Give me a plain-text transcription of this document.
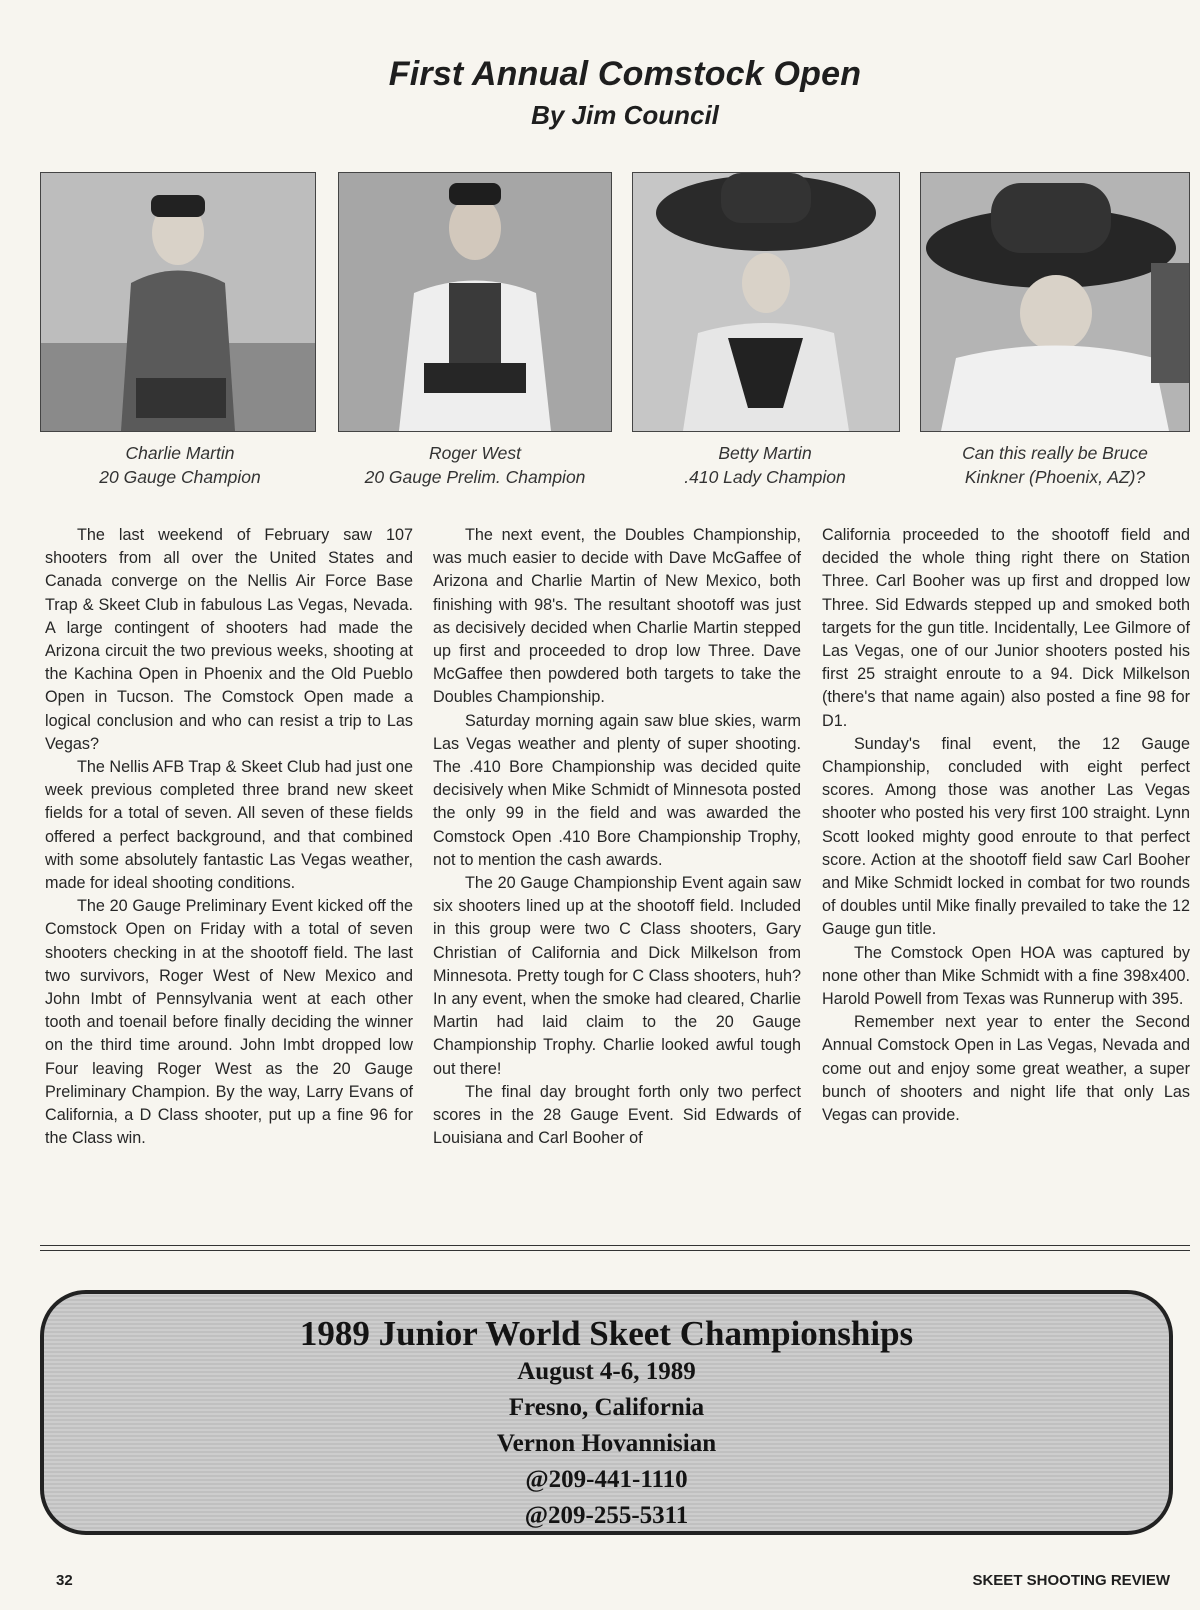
First Annual Comstock Open
By Jim Council
Charlie Martin
20 Gauge Champion
Roger West
20 Gauge Prelim. Champion
Betty Martin
.410 Lady Champion
Can this really be Bruce
Kinkner (Phoenix, AZ)?

The last weekend of February saw 107 shooters from all over the United States and Canada converge on the Nellis Air Force Base Trap & Skeet Club in fabulous Las Vegas, Nevada. A large contingent of shooters had made the Arizona circuit the two previous weeks, shooting at the Kachina Open in Phoenix and the Old Pueblo Open in Tucson. The Comstock Open made a logical conclusion and who can resist a trip to Las Vegas?

The Nellis AFB Trap & Skeet Club had just one week previous completed three brand new skeet fields for a total of seven. All seven of these fields offered a perfect background, and that combined with some absolutely fantastic Las Vegas weather, made for ideal shooting conditions.

The 20 Gauge Preliminary Event kicked off the Comstock Open on Friday with a total of seven shooters checking in at the shootoff field. The last two survivors, Roger West of New Mexico and John Imbt of Pennsylvania went at each other tooth and toenail before finally deciding the winner on the third time around. John Imbt dropped low Four leaving Roger West as the 20 Gauge Preliminary Champion. By the way, Larry Evans of California, a D Class shooter, put up a fine 96 for the Class win.

The next event, the Doubles Championship, was much easier to decide with Dave McGaffee of Arizona and Charlie Martin of New Mexico, both finishing with 98's. The resultant shootoff was just as decisively decided when Charlie Martin stepped up first and proceeded to drop low Three. Dave McGaffee then powdered both targets to take the Doubles Championship.

Saturday morning again saw blue skies, warm Las Vegas weather and plenty of super shooting. The .410 Bore Championship was decided quite decisively when Mike Schmidt of Minnesota posted the only 99 in the field and was awarded the Comstock Open .410 Bore Championship Trophy, not to mention the cash awards.

The 20 Gauge Championship Event again saw six shooters lined up at the shootoff field. Included in this group were two C Class shooters, Gary Christian of California and Dick Milkelson from Minnesota. Pretty tough for C Class shooters, huh? In any event, when the smoke had cleared, Charlie Martin had laid claim to the 20 Gauge Championship Trophy. Charlie looked awful tough out there!

The final day brought forth only two perfect scores in the 28 Gauge Event. Sid Edwards of Louisiana and Carl Booher of

California proceeded to the shootoff field and decided the whole thing right there on Station Three. Carl Booher was up first and dropped low Three. Sid Edwards stepped up and smoked both targets for the gun title. Incidentally, Lee Gilmore of Las Vegas, one of our Junior shooters posted his first 25 straight enroute to a 94. Dick Milkelson (there's that name again) also posted a fine 98 for D1.

Sunday's final event, the 12 Gauge Championship, concluded with eight perfect scores. Among those was another Las Vegas shooter who posted his very first 100 straight. Lynn Scott looked mighty good enroute to that perfect score. Action at the shootoff field saw Carl Booher and Mike Schmidt locked in combat for two rounds of doubles until Mike finally prevailed to take the 12 Gauge gun title.

The Comstock Open HOA was captured by none other than Mike Schmidt with a fine 398x400. Harold Powell from Texas was Runnerup with 395.

Remember next year to enter the Second Annual Comstock Open in Las Vegas, Nevada and come out and enjoy some great weather, a super bunch of shooters and night life that only Las Vegas can provide.

1989 Junior World Skeet Championships
August 4-6, 1989
Fresno, California
Vernon Hovannisian
@209-441-1110
@209-255-5311
32	SKEET SHOOTING REVIEW
